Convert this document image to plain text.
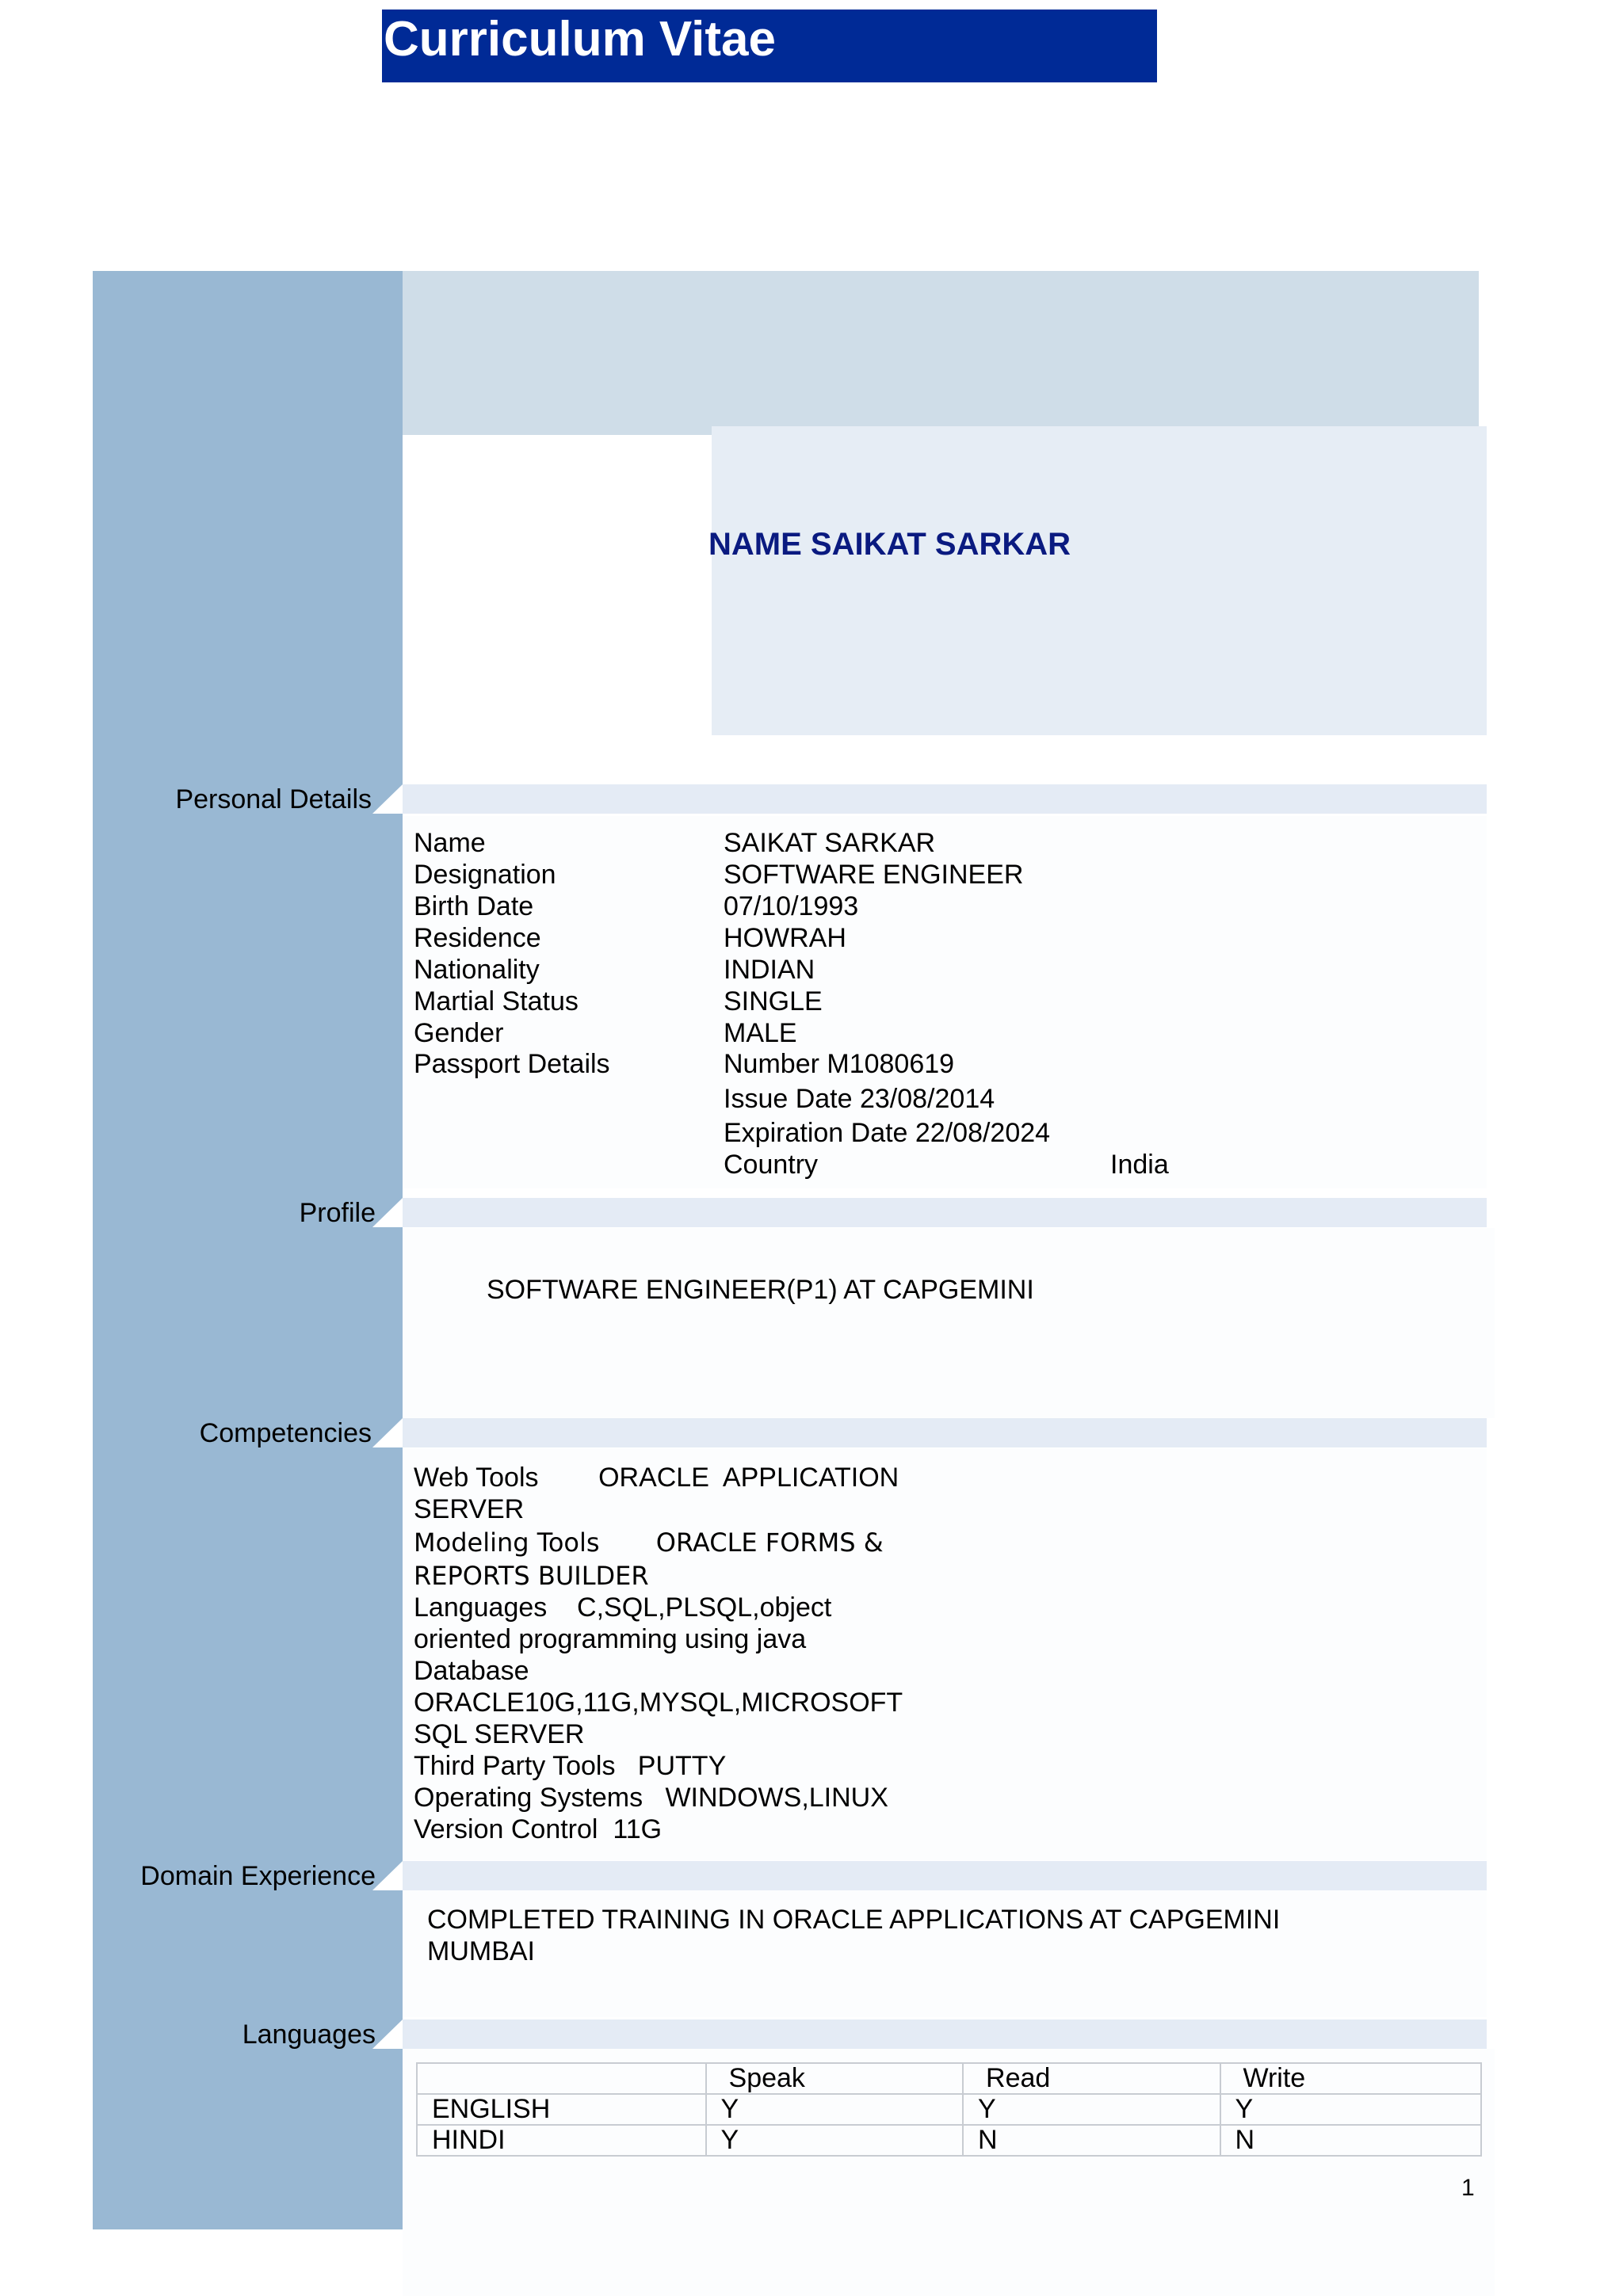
Curriculum Vitae
NAME SAIKAT SARKAR
Personal Details
Profile
Competencies
Domain Experience
Languages
Name	SAIKAT SARKAR
Designation	SOFTWARE ENGINEER
Birth Date	07/10/1993
Residence	HOWRAH
Nationality	INDIAN
Martial Status	SINGLE
Gender	MALE
Passport Details	Number M1080619
Issue Date 23/08/2014
Expiration Date 22/08/2024
Country	India
SOFTWARE ENGINEER(P1) AT CAPGEMINI
Web Tools        ORACLE  APPLICATION
SERVER
Modeling Tools       ORACLE FORMS &
REPORTS BUILDER
Languages    C,SQL,PLSQL,object
oriented programming using java
Database
ORACLE10G,11G,MYSQL,MICROSOFT
SQL SERVER
Third Party Tools   PUTTY
Operating Systems   WINDOWS,LINUX
Version Control  11G
COMPLETED TRAINING IN ORACLE APPLICATIONS AT CAPGEMINI
MUMBAI
	Speak	Read	Write
ENGLISH	Y	Y	Y
HINDI	Y	N	N
1
